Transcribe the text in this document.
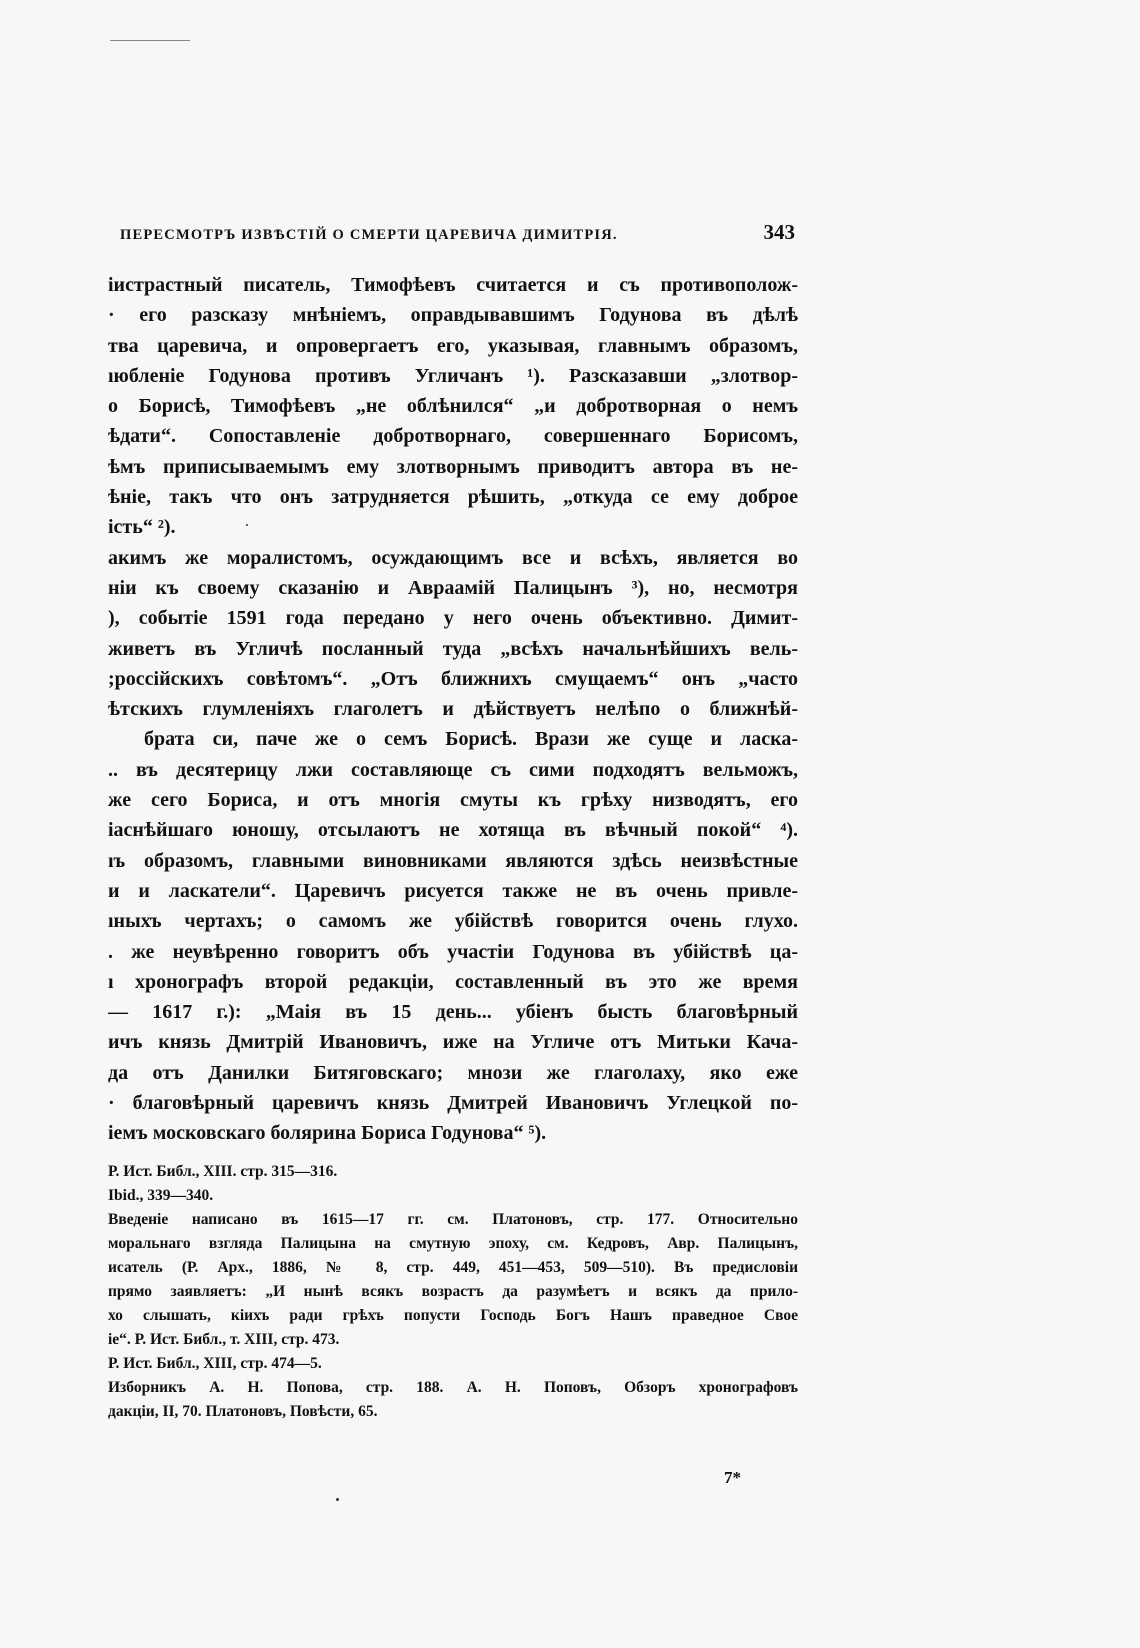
ПЕРЕСМОТРЪ ИЗВѢСТІЙ О СМЕРТИ ЦАРЕВИЧА ДИМИТРІЯ.	343
іистрастный писатель, Тимофѣевъ считается и съ противополож-
· его разсказу мнѣніемъ, оправдывавшимъ Годунова въ дѣлѣ
тва царевича, и опровергаетъ его, указывая, главнымъ образомъ,
ıюбленіе Годунова противъ Угличанъ ¹). Разсказавши „злотвор-
о Борисѣ, Тимофѣевъ „не облѣнился“ „и добротворная о немъ
ѣдати“. Сопоставленіе добротворнаго, совершеннаго Борисомъ,
ѣмъ приписываемымъ ему злотворнымъ приводитъ автора въ не-
ѣніе, такъ что онъ затрудняется рѣшить, „откуда се ему доброе
ість“ ²).
акимъ же моралистомъ, осуждающимъ все и всѣхъ, является во
ніи къ своему сказанію и Авраамій Палицынъ ³), но, несмотря
), событіе 1591 года передано у него очень объективно. Димит-
живетъ въ Угличѣ посланный туда „всѣхъ начальнѣйшихъ вель-
;россійскихъ совѣтомъ“. „Отъ ближнихъ смущаемъ“ онъ „часто
ѣтскихъ глумленіяхъ глаголетъ и дѣйствуетъ нелѣпо о ближнѣй-
брата си, паче же о семъ Борисѣ. Врази же суще и ласка-
.. въ десятерицу лжи составляюще съ сими подходятъ вельможъ,
же сего Бориса, и отъ многія смуты къ грѣху низводятъ, его
іаснѣйшаго юношу, отсылаютъ не хотяща въ вѣчный покой“ ⁴).
ıъ образомъ, главными виновниками являются здѣсь неизвѣстные
и и ласкатели“. Царевичъ рисуется также не въ очень привле-
ıныхъ чертахъ; о самомъ же убійствѣ говорится очень глухо.
. же неувѣренно говоритъ объ участіи Годунова въ убійствѣ ца-
ı хронографъ второй редакціи, составленный въ это же время
— 1617 г.): „Маія въ 15 день... убіенъ бысть благовѣрный
ичъ князь Дмитрій Ивановичъ, иже на Угличе отъ Митьки Кача-
да отъ Данилки Битяговскаго; мнози же глаголаху, яко еже
· благовѣрный царевичъ князь Дмитрей Ивановичъ Углецкой по-
іемъ московскаго болярина Бориса Годунова“ ⁵).
Р. Ист. Библ., XIII. стр. 315—316.
Ibid., 339—340.
Введеніе написано въ 1615—17 гг. см. Платоновъ, стр. 177. Относительно
моральнаго взгляда Палицына на смутную эпоху, см. Кедровъ, Авр. Палицынъ,
исатель (Р. Арх., 1886, № 8, стр. 449, 451—453, 509—510). Въ предисловіи
прямо заявляетъ: „И нынѣ всякъ возрастъ да разумѣетъ и всякъ да прило-
хо слышать, кіихъ ради грѣхъ попусти Господь Богъ Нашъ праведное Свое
іе“. Р. Ист. Библ., т. XIII, стр. 473.
Р. Ист. Библ., XIII, стр. 474—5.
Изборникъ А. Н. Попова, стр. 188. А. Н. Поповъ, Обзоръ хронографовъ
дакціи, II, 70. Платоновъ, Повѣсти, 65.
7*
